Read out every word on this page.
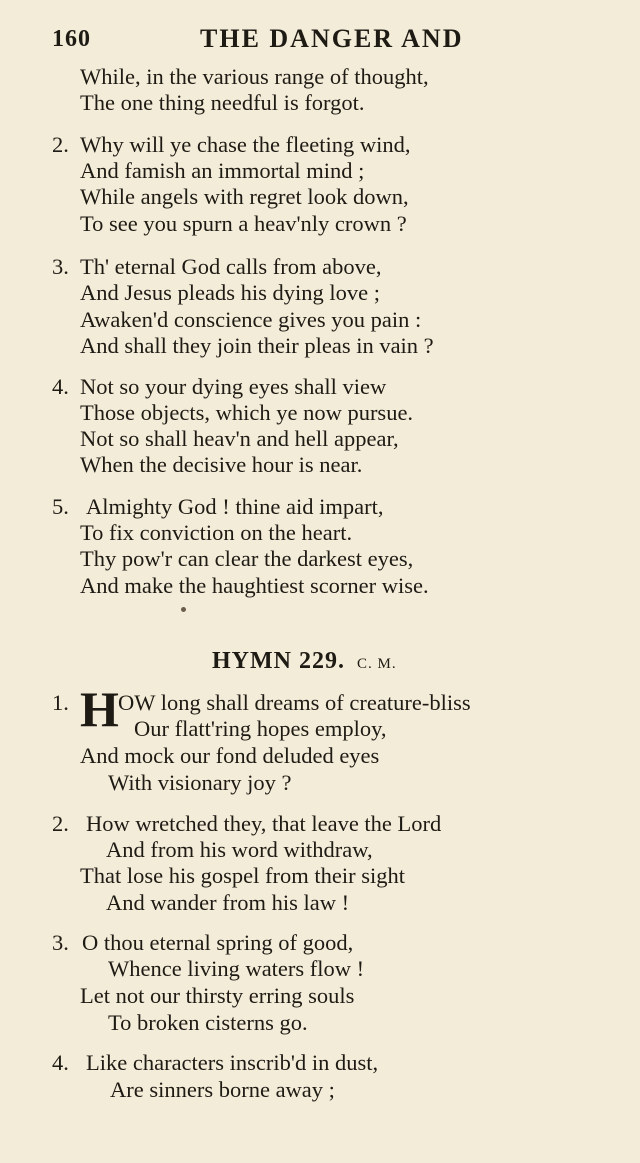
160	THE DANGER AND
While, in the various range of thought,
The one thing needful is forgot.
2. Why will ye chase the fleeting wind,
And famish an immortal mind ;
While angels with regret look down,
To see you spurn a heav'nly crown ?
3. Th' eternal God calls from above,
And Jesus pleads his dying love ;
Awaken'd conscience gives you pain :
And shall they join their pleas in vain ?
4. Not so your dying eyes shall view
Those objects, which ye now pursue.
Not so shall heav'n and hell appear,
When the decisive hour is near.
5. Almighty God ! thine aid impart,
To fix conviction on the heart.
Thy pow'r can clear the darkest eyes,
And make the haughtiest scorner wise.
HYMN 229. C. M.
1. H OW long shall dreams of creature-bliss
Our flatt'ring hopes employ,
And mock our fond deluded eyes
With visionary joy ?
2. How wretched they, that leave the Lord
And from his word withdraw,
That lose his gospel from their sight
And wander from his law !
3. O thou eternal spring of good,
Whence living waters flow !
Let not our thirsty erring souls
To broken cisterns go.
4. Like characters inscrib'd in dust,
Are sinners borne away ;
